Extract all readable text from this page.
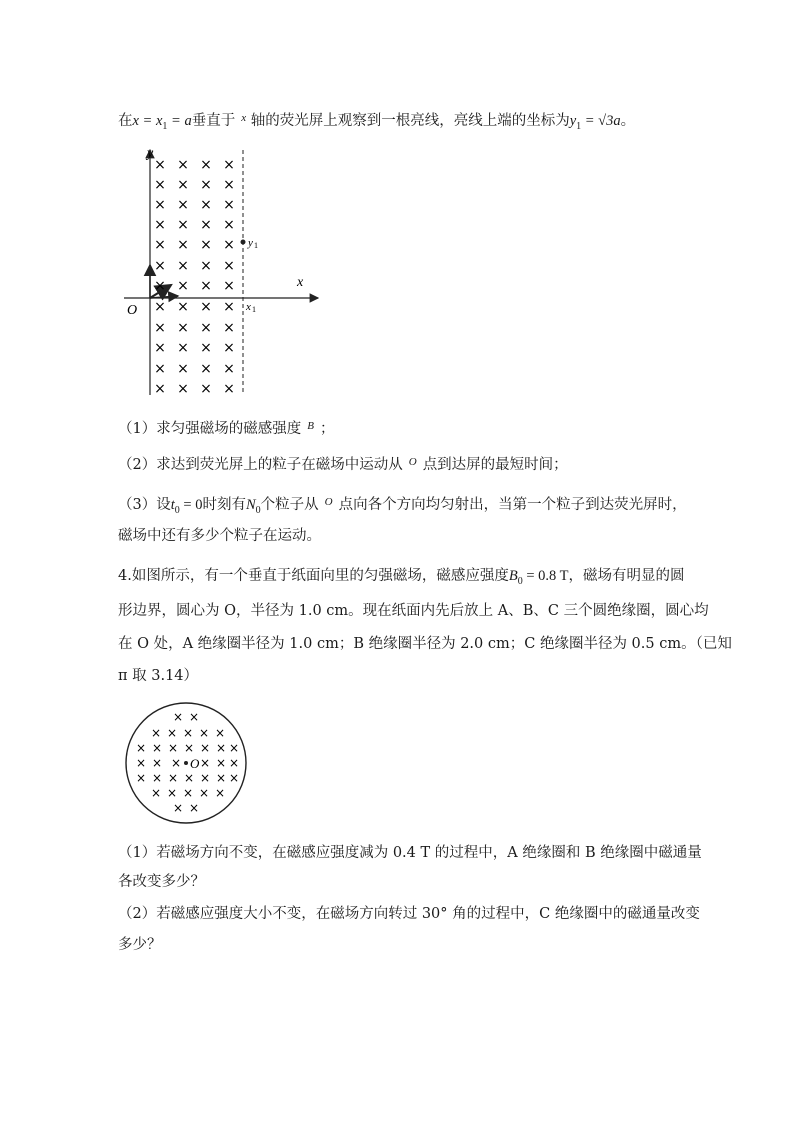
在$x = x_1 = a$垂直于 $^x$ 轴的荧光屏上观察到一根亮线，亮线上端的坐标为$y_1 = √3a$。
× × × ×
× × × ×
× × × ×
× × × ×
× × × ×
× × × ×
× × × ×
× × × ×
× × × ×
× × × ×
× × × ×
× × × ×
y
x
O	x 1
y 1
（1）求匀强磁场的磁感强度 $^B$ ；
（2）求达到荧光屏上的粒子在磁场中运动从 $^O$ 点到达屏的最短时间；
（3）设$t_0 = 0$时刻有$N_0$个粒子从 $^O$ 点向各个方向均匀射出，当第一个粒子到达荧光屏时，
磁场中还有多少个粒子在运动。
4.如图所示，有一个垂直于纸面向里的匀强磁场，磁感应强度$B_0 = 0.8$ T，磁场有明显的圆
形边界，圆心为 O，半径为 1.0 cm。现在纸面内先后放上 A、B、C 三个圆绝缘圈，圆心均
在 O 处，A 绝缘圈半径为 1.0 cm；B 绝缘圈半径为 2.0 cm；C 绝缘圈半径为 0.5 cm。（已知
π 取 3.14）
× ×
× × × × ×
× × × × × × ×
× × × × × ×
× × × × × × ×
× × × × ×
× ×
O
（1）若磁场方向不变，在磁感应强度减为 0.4 T 的过程中，A 绝缘圈和 B 绝缘圈中磁通量
各改变多少？
（2）若磁感应强度大小不变，在磁场方向转过 30° 角的过程中，C 绝缘圈中的磁通量改变
多少？
